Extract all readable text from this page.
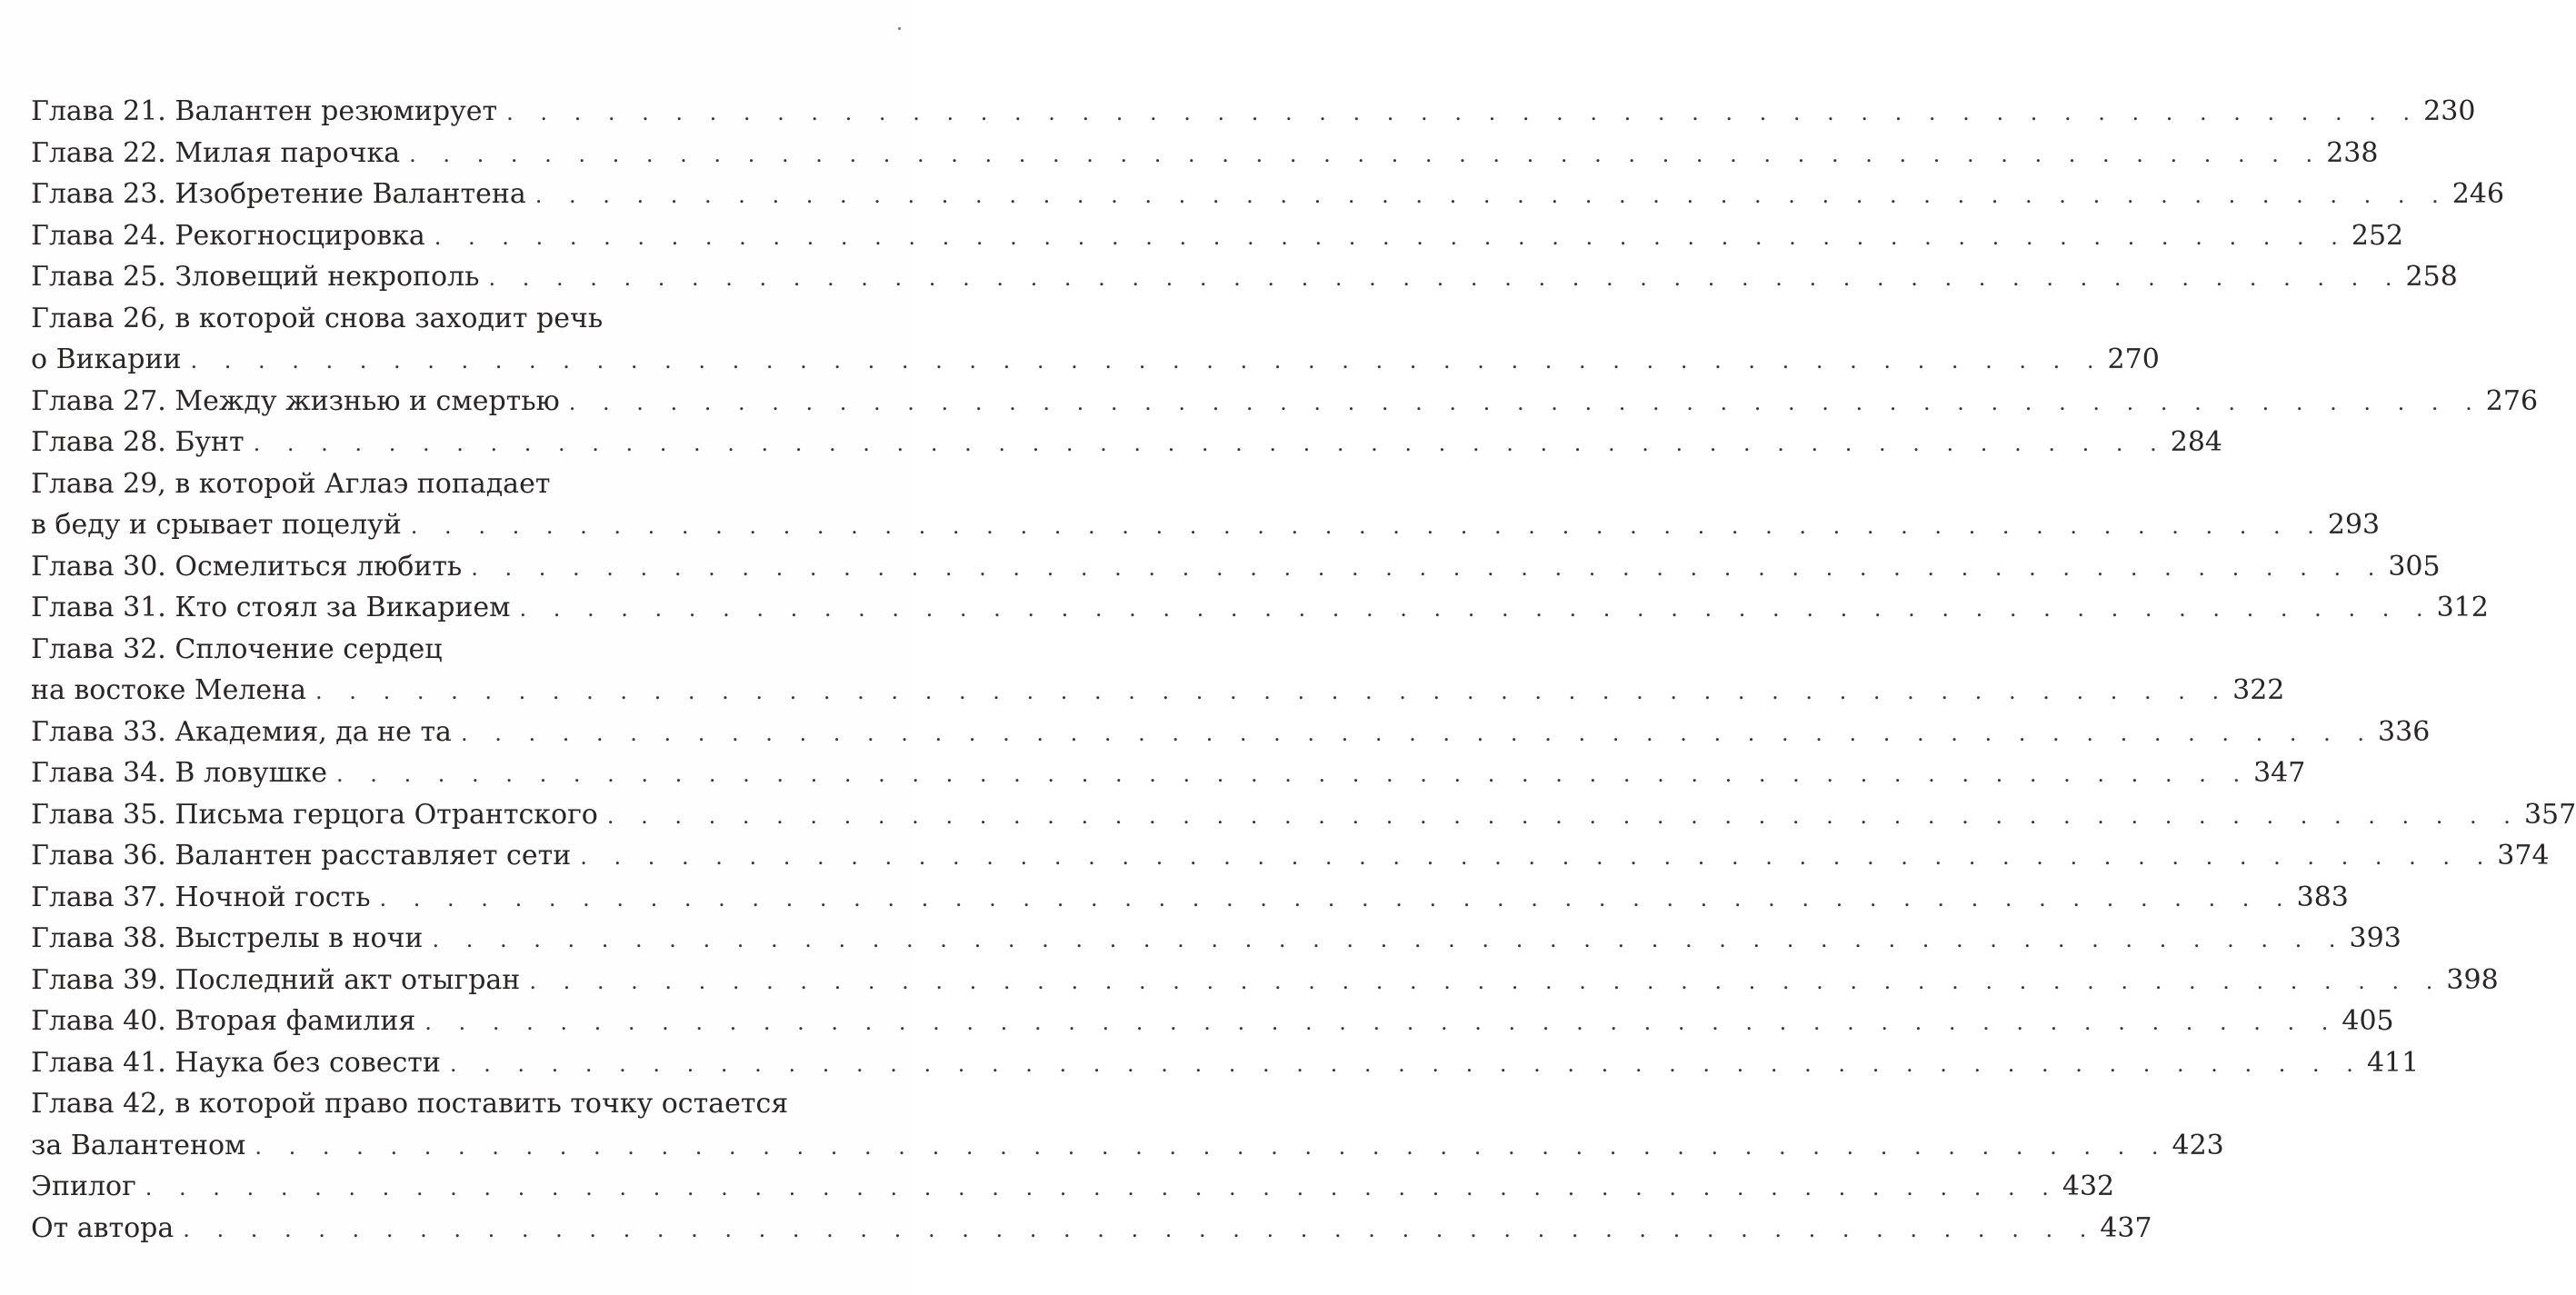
Глава 21. Валантен резюмирует . . . . . . . . . . . . . . . . . . . . . . . . . . . . . . . . . . . . . . . . . . . . . . . . . . . . . . . . . 230
Глава 22. Милая парочка . . . . . . . . . . . . . . . . . . . . . . . . . . . . . . . . . . . . . . . . . . . . . . . . . . . . . . . . . 238
Глава 23. Изобретение Валантена . . . . . . . . . . . . . . . . . . . . . . . . . . . . . . . . . . . . . . . . . . . . . . . . . . . . . . . . . 246
Глава 24. Рекогносцировка . . . . . . . . . . . . . . . . . . . . . . . . . . . . . . . . . . . . . . . . . . . . . . . . . . . . . . . . . 252
Глава 25. Зловещий некрополь . . . . . . . . . . . . . . . . . . . . . . . . . . . . . . . . . . . . . . . . . . . . . . . . . . . . . . . . . 258
Глава 26, в которой снова заходит речь
о Викарии . . . . . . . . . . . . . . . . . . . . . . . . . . . . . . . . . . . . . . . . . . . . . . . . . . . . . . . . . 270
Глава 27. Между жизнью и смертью . . . . . . . . . . . . . . . . . . . . . . . . . . . . . . . . . . . . . . . . . . . . . . . . . . . . . . . . . 276
Глава 28. Бунт . . . . . . . . . . . . . . . . . . . . . . . . . . . . . . . . . . . . . . . . . . . . . . . . . . . . . . . . . 284
Глава 29, в которой Аглаэ попадает
в беду и срывает поцелуй . . . . . . . . . . . . . . . . . . . . . . . . . . . . . . . . . . . . . . . . . . . . . . . . . . . . . . . . . 293
Глава 30. Осмелиться любить . . . . . . . . . . . . . . . . . . . . . . . . . . . . . . . . . . . . . . . . . . . . . . . . . . . . . . . . . 305
Глава 31. Кто стоял за Викарием . . . . . . . . . . . . . . . . . . . . . . . . . . . . . . . . . . . . . . . . . . . . . . . . . . . . . . . . . 312
Глава 32. Сплочение сердец
на востоке Мелена . . . . . . . . . . . . . . . . . . . . . . . . . . . . . . . . . . . . . . . . . . . . . . . . . . . . . . . . . 322
Глава 33. Академия, да не та . . . . . . . . . . . . . . . . . . . . . . . . . . . . . . . . . . . . . . . . . . . . . . . . . . . . . . . . . 336
Глава 34. В ловушке . . . . . . . . . . . . . . . . . . . . . . . . . . . . . . . . . . . . . . . . . . . . . . . . . . . . . . . . . 347
Глава 35. Письма герцога Отрантского . . . . . . . . . . . . . . . . . . . . . . . . . . . . . . . . . . . . . . . . . . . . . . . . . . . . . . . . . 357
Глава 36. Валантен расставляет сети . . . . . . . . . . . . . . . . . . . . . . . . . . . . . . . . . . . . . . . . . . . . . . . . . . . . . . . . . 374
Глава 37. Ночной гость . . . . . . . . . . . . . . . . . . . . . . . . . . . . . . . . . . . . . . . . . . . . . . . . . . . . . . . . . 383
Глава 38. Выстрелы в ночи . . . . . . . . . . . . . . . . . . . . . . . . . . . . . . . . . . . . . . . . . . . . . . . . . . . . . . . . . 393
Глава 39. Последний акт отыгран . . . . . . . . . . . . . . . . . . . . . . . . . . . . . . . . . . . . . . . . . . . . . . . . . . . . . . . . . 398
Глава 40. Вторая фамилия . . . . . . . . . . . . . . . . . . . . . . . . . . . . . . . . . . . . . . . . . . . . . . . . . . . . . . . . . 405
Глава 41. Наука без совести . . . . . . . . . . . . . . . . . . . . . . . . . . . . . . . . . . . . . . . . . . . . . . . . . . . . . . . . . 411
Глава 42, в которой право поставить точку остается
за Валантеном . . . . . . . . . . . . . . . . . . . . . . . . . . . . . . . . . . . . . . . . . . . . . . . . . . . . . . . . . 423
Эпилог . . . . . . . . . . . . . . . . . . . . . . . . . . . . . . . . . . . . . . . . . . . . . . . . . . . . . . . . . 432
От автора . . . . . . . . . . . . . . . . . . . . . . . . . . . . . . . . . . . . . . . . . . . . . . . . . . . . . . . . . 437
